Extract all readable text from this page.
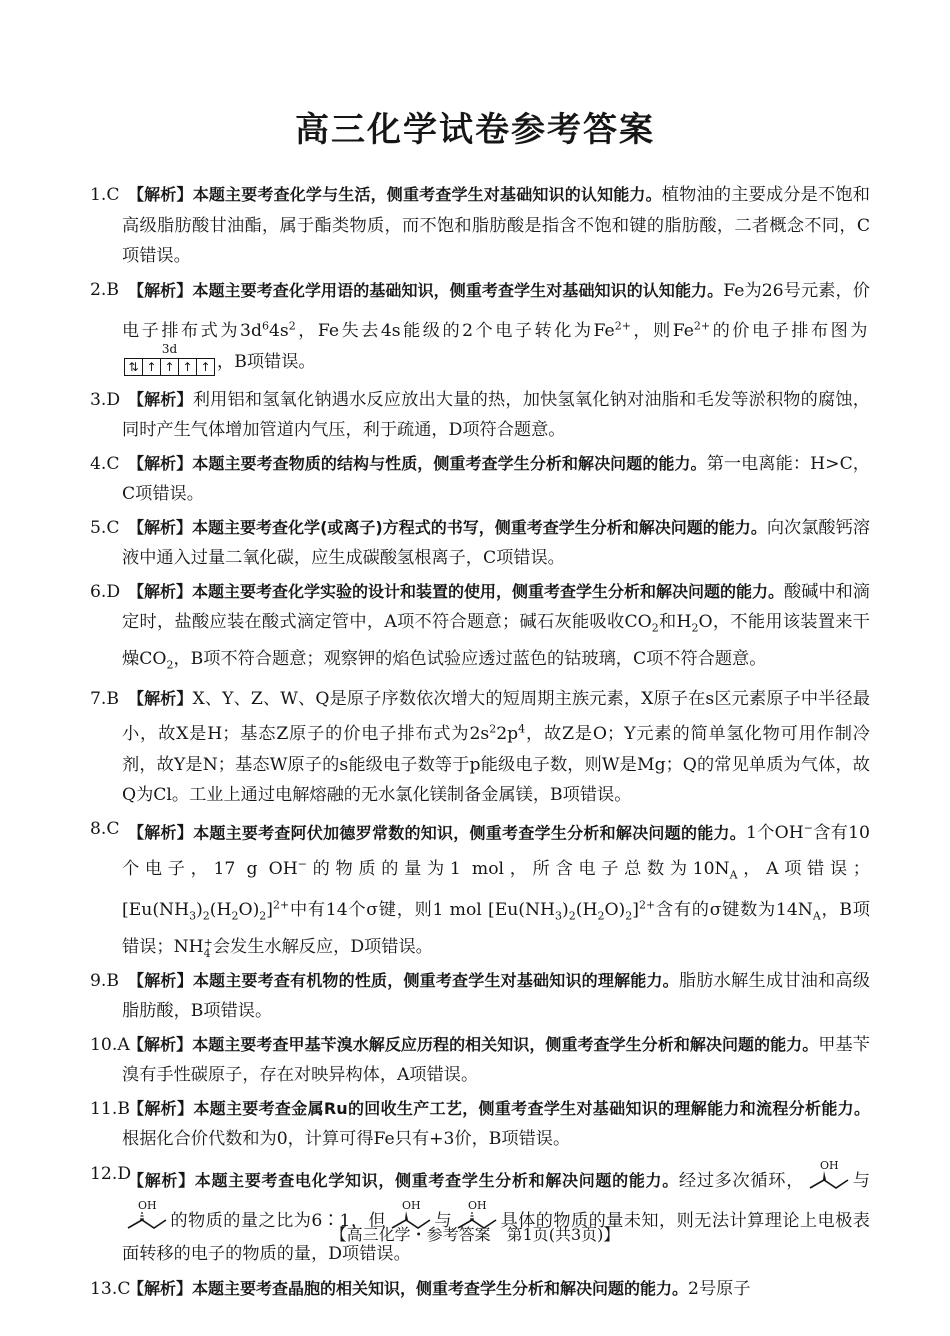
高三化学试卷参考答案
1.C 【解析】本题主要考查化学与生活，侧重考查学生对基础知识的认知能力。植物油的主要成分是不饱和高级脂肪酸甘油酯，属于酯类物质，而不饱和脂肪酸是指含不饱和键的脂肪酸，二者概念不同，C项错误。
2.B 【解析】本题主要考查化学用语的基础知识，侧重考查学生对基础知识的认知能力。Fe为26号元素，价电子排布式为$3d^64s^2$，Fe失去4s能级的2个电子转化为$Fe^{2+}$，则$Fe^{2+}$的价电子排布图为
3d
⇅ ↑ ↑ ↑ ↑ ，B项错误。
3.D 【解析】利用铝和氢氧化钠遇水反应放出大量的热，加快氢氧化钠对油脂和毛发等淤积物的腐蚀，同时产生气体增加管道内气压，利于疏通，D项符合题意。
4.C 【解析】本题主要考查物质的结构与性质，侧重考查学生分析和解决问题的能力。第一电离能：H>C，C项错误。
5.C 【解析】本题主要考查化学(或离子)方程式的书写，侧重考查学生分析和解决问题的能力。向次氯酸钙溶液中通入过量二氧化碳，应生成碳酸氢根离子，C项错误。
6.D 【解析】本题主要考查化学实验的设计和装置的使用，侧重考查学生分析和解决问题的能力。酸碱中和滴定时，盐酸应装在酸式滴定管中，A项不符合题意；碱石灰能吸收$CO_2$和$H_2O$，不能用该装置来干燥$CO_2$，B项不符合题意；观察钾的焰色试验应透过蓝色的钴玻璃，C项不符合题意。
7.B 【解析】X、Y、Z、W、Q是原子序数依次增大的短周期主族元素，X原子在s区元素原子中半径最小，故X是H；基态Z原子的价电子排布式为$2s^22p^4$，故Z是O；Y元素的简单氢化物可用作制冷剂，故Y是N；基态W原子的s能级电子数等于p能级电子数，则W是Mg；Q的常见单质为气体，故Q为Cl。工业上通过电解熔融的无水氯化镁制备金属镁，B项错误。
8.C 【解析】本题主要考查阿伏加德罗常数的知识，侧重考查学生分析和解决问题的能力。1个OH−含有10个电子，17 g OH−的物质的量为1 mol，所含电子总数为$10N_A$，A项错误；$[Eu(NH_3)_2(H_2O)_2]^{2+}$中有14个σ键，则1 mol $[Eu(NH_3)_2(H_2O)_2]^{2+}$含有的σ键数为$14N_A$，B项错误；NH +
4 会发生水解反应，D项错误。
9.B 【解析】本题主要考查有机物的性质，侧重考查学生对基础知识的理解能力。脂肪水解生成甘油和高级脂肪酸，B项错误。
10.A
【解析】本题主要考查甲基苄溴水解反应历程的相关知识，侧重考查学生分析和解决问题的能力。甲基苄溴有手性碳原子，存在对映异构体，A项错误。
11.B
【解析】本题主要考查金属Ru的回收生产工艺，侧重考查学生对基础知识的理解能力和流程分析能力。根据化合价代数和为0，计算可得Fe只有+3价，B项错误。
12.D
【解析】本题主要考查电化学知识，侧重考查学生分析和解决问题的能力。经过多次循环，
OH
与
OH
的物质的量之比为6∶1，但
OH
与
OH
具体的物质的量未知，则无法计算理论上电极表面转移的电子的物质的量，D项错误。
13.C
【解析】本题主要考查晶胞的相关知识，侧重考查学生分析和解决问题的能力。2号原子
【高三化学・参考答案　第1页(共3页)】
